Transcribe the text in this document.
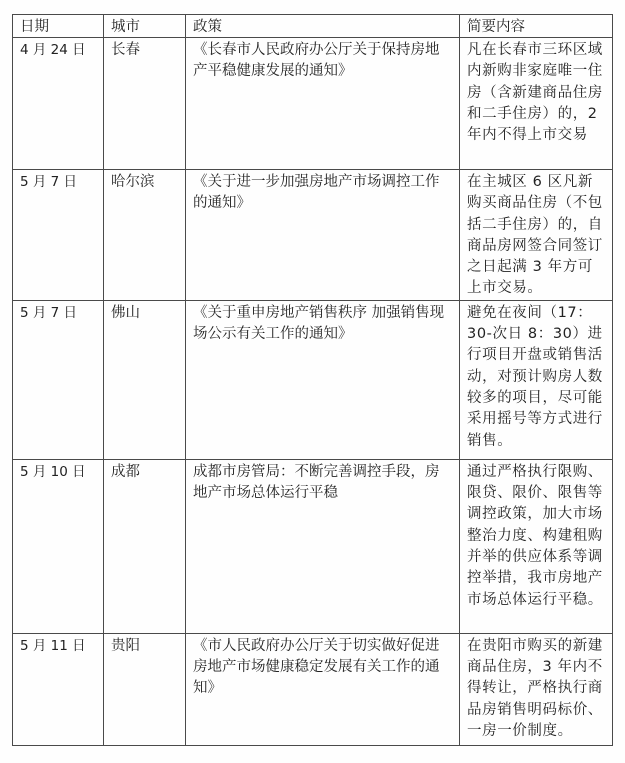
日期	城市	政策	简要内容
4 月 24 日	长春	《长春市人民政府办公厅关于保持房地产平稳健康发展的通知》	凡在长春市三环区域内新购非家庭唯一住房（含新建商品住房和二手住房）的，2 年内不得上市交易
5 月 7 日	哈尔滨	《关于进一步加强房地产市场调控工作的通知》	在主城区 6 区凡新购买商品住房（不包括二手住房）的，自商品房网签合同签订之日起满 3 年方可上市交易。
5 月 7 日	佛山	《关于重申房地产销售秩序 加强销售现场公示有关工作的通知》	避免在夜间（17：30-次日 8：30）进行项目开盘或销售活动，对预计购房人数较多的项目，尽可能采用摇号等方式进行销售。
5 月 10 日	成都	成都市房管局：不断完善调控手段，房地产市场总体运行平稳	通过严格执行限购、限贷、限价、限售等调控政策，加大市场整治力度、构建租购并举的供应体系等调控举措，我市房地产市场总体运行平稳。
5 月 11 日	贵阳	《市人民政府办公厅关于切实做好促进房地产市场健康稳定发展有关工作的通知》	在贵阳市购买的新建商品住房，3 年内不得转让，严格执行商品房销售明码标价、一房一价制度。
